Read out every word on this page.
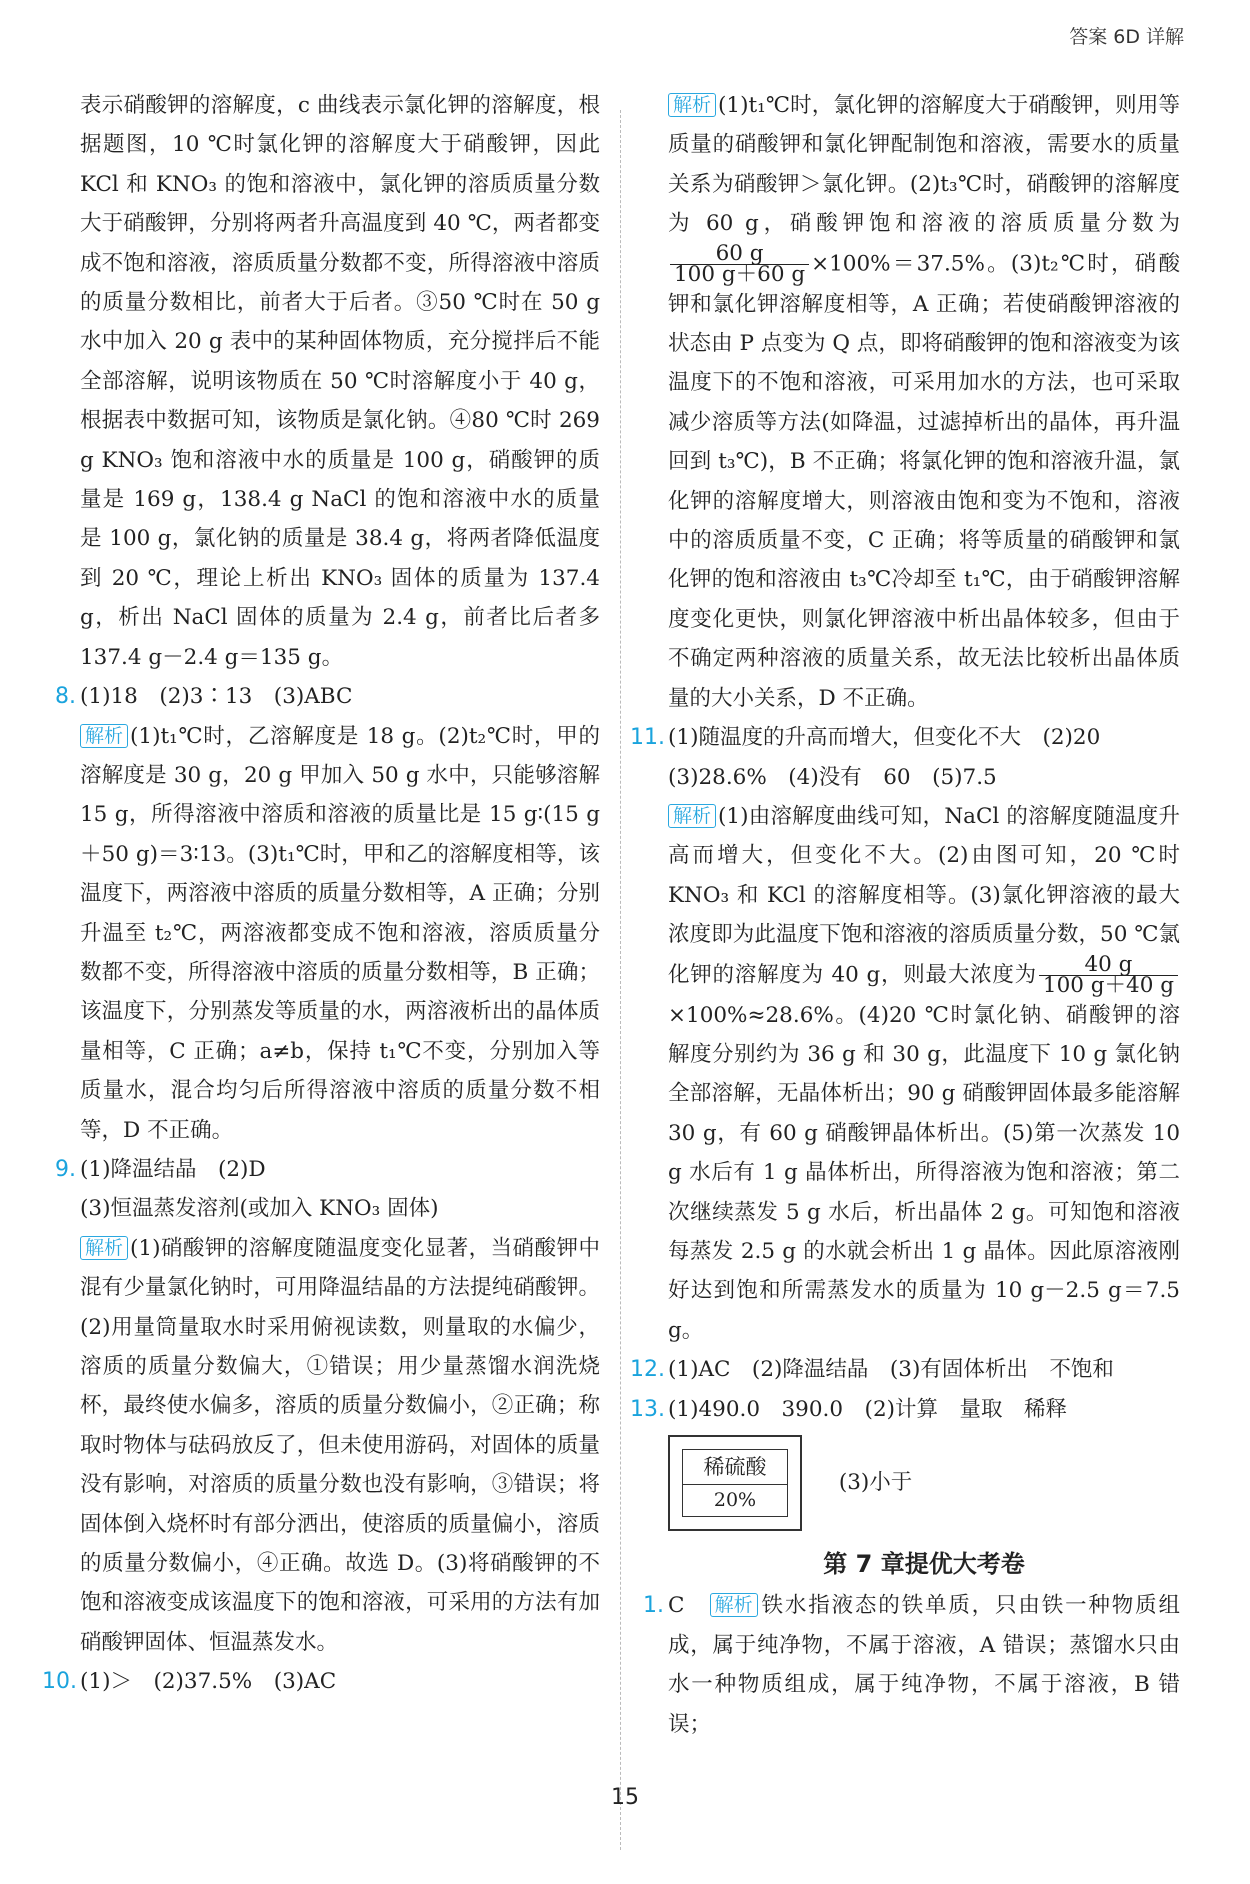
答案 6D 详解

表示硝酸钾的溶解度，c 曲线表示氯化钾的溶解度，根据题图，10 ℃时氯化钾的溶解度大于硝酸钾，因此 KCl 和 KNO₃ 的饱和溶液中，氯化钾的溶质质量分数大于硝酸钾，分别将两者升高温度到 40 ℃，两者都变成不饱和溶液，溶质质量分数都不变，所得溶液中溶质的质量分数相比，前者大于后者。③50 ℃时在 50 g 水中加入 20 g 表中的某种固体物质，充分搅拌后不能全部溶解，说明该物质在 50 ℃时溶解度小于 40 g，根据表中数据可知，该物质是氯化钠。④80 ℃时 269 g KNO₃ 饱和溶液中水的质量是 100 g，硝酸钾的质量是 169 g，138.4 g NaCl 的饱和溶液中水的质量是 100 g，氯化钠的质量是 38.4 g，将两者降低温度到 20 ℃，理论上析出 KNO₃ 固体的质量为 137.4 g，析出 NaCl 固体的质量为 2.4 g，前者比后者多 137.4 g－2.4 g＝135 g。

8. (1)18　(2)3∶13　(3)ABC

解析 (1)t₁℃时，乙溶解度是 18 g。(2)t₂℃时，甲的溶解度是 30 g，20 g 甲加入 50 g 水中，只能够溶解 15 g，所得溶液中溶质和溶液的质量比是 15 g∶(15 g＋50 g)＝3∶13。(3)t₁℃时，甲和乙的溶解度相等，该温度下，两溶液中溶质的质量分数相等，A 正确；分别升温至 t₂℃，两溶液都变成不饱和溶液，溶质质量分数都不变，所得溶液中溶质的质量分数相等，B 正确；该温度下，分别蒸发等质量的水，两溶液析出的晶体质量相等，C 正确；a≠b，保持 t₁℃不变，分别加入等质量水，混合均匀后所得溶液中溶质的质量分数不相等，D 不正确。

9. (1)降温结晶　(2)D
(3)恒温蒸发溶剂(或加入 KNO₃ 固体)

解析 (1)硝酸钾的溶解度随温度变化显著，当硝酸钾中混有少量氯化钠时，可用降温结晶的方法提纯硝酸钾。(2)用量筒量取水时采用俯视读数，则量取的水偏少，溶质的质量分数偏大，①错误；用少量蒸馏水润洗烧杯，最终使水偏多，溶质的质量分数偏小，②正确；称取时物体与砝码放反了，但未使用游码，对固体的质量没有影响，对溶质的质量分数也没有影响，③错误；将固体倒入烧杯时有部分洒出，使溶质的质量偏小，溶质的质量分数偏小，④正确。故选 D。(3)将硝酸钾的不饱和溶液变成该温度下的饱和溶液，可采用的方法有加硝酸钾固体、恒温蒸发水。

10. (1)＞　(2)37.5%　(3)AC

解析 (1)t₁℃时，氯化钾的溶解度大于硝酸钾，则用等质量的硝酸钾和氯化钾配制饱和溶液，需要水的质量关系为硝酸钾＞氯化钾。(2)t₃℃时，硝酸钾的溶解度为 60 g，硝酸钾饱和溶液的溶质质量分数为
$\frac{60 g}{100 g+60 g} \times 100\%=37.5\%$。(3)t₂℃时，硝酸钾和氯化钾溶解度相等，A 正确；若使硝酸钾溶液的状态由 P 点变为 Q 点，即将硝酸钾的饱和溶液变为该温度下的不饱和溶液，可采用加水的方法，也可采取减少溶质等方法(如降温，过滤掉析出的晶体，再升温回到 t₃℃)，B 不正确；将氯化钾的饱和溶液升温，氯化钾的溶解度增大，则溶液由饱和变为不饱和，溶液中的溶质质量不变，C 正确；将等质量的硝酸钾和氯化钾的饱和溶液由 t₃℃冷却至 t₁℃，由于硝酸钾溶解度变化更快，则氯化钾溶液中析出晶体较多，但由于不确定两种溶液的质量关系，故无法比较析出晶体质量的大小关系，D 不正确。

11. (1)随温度的升高而增大，但变化不大　(2)20
(3)28.6%　(4)没有　60　(5)7.5

解析 (1)由溶解度曲线可知，NaCl 的溶解度随温度升高而增大，但变化不大。(2)由图可知，20 ℃时 KNO₃ 和 KCl 的溶解度相等。(3)氯化钾溶液的最大浓度即为此温度下饱和溶液的溶质质量分数，50 ℃氯化钾的溶解度为 40 g，则最大浓度为 $\frac{40 g}{100 g+40 g}$
×100%≈28.6%。(4)20 ℃时氯化钠、硝酸钾的溶解度分别约为 36 g 和 30 g，此温度下 10 g 氯化钠全部溶解，无晶体析出；90 g 硝酸钾固体最多能溶解 30 g，有 60 g 硝酸钾晶体析出。(5)第一次蒸发 10 g 水后有 1 g 晶体析出，所得溶液为饱和溶液；第二次继续蒸发 5 g 水后，析出晶体 2 g。可知饱和溶液每蒸发 2.5 g 的水就会析出 1 g 晶体。因此原溶液刚好达到饱和所需蒸发水的质量为 10 g－2.5 g＝7.5 g。

12. (1)AC　(2)降温结晶　(3)有固体析出　不饱和
13. (1)490.0　390.0　(2)计算　量取　稀释
稀硫酸
20%
(3)小于
第 7 章提优大考卷

1. C　 解析 铁水指液态的铁单质，只由铁一种物质组成，属于纯净物，不属于溶液，A 错误；蒸馏水只由水一种物质组成，属于纯净物，不属于溶液，B 错误；

15
